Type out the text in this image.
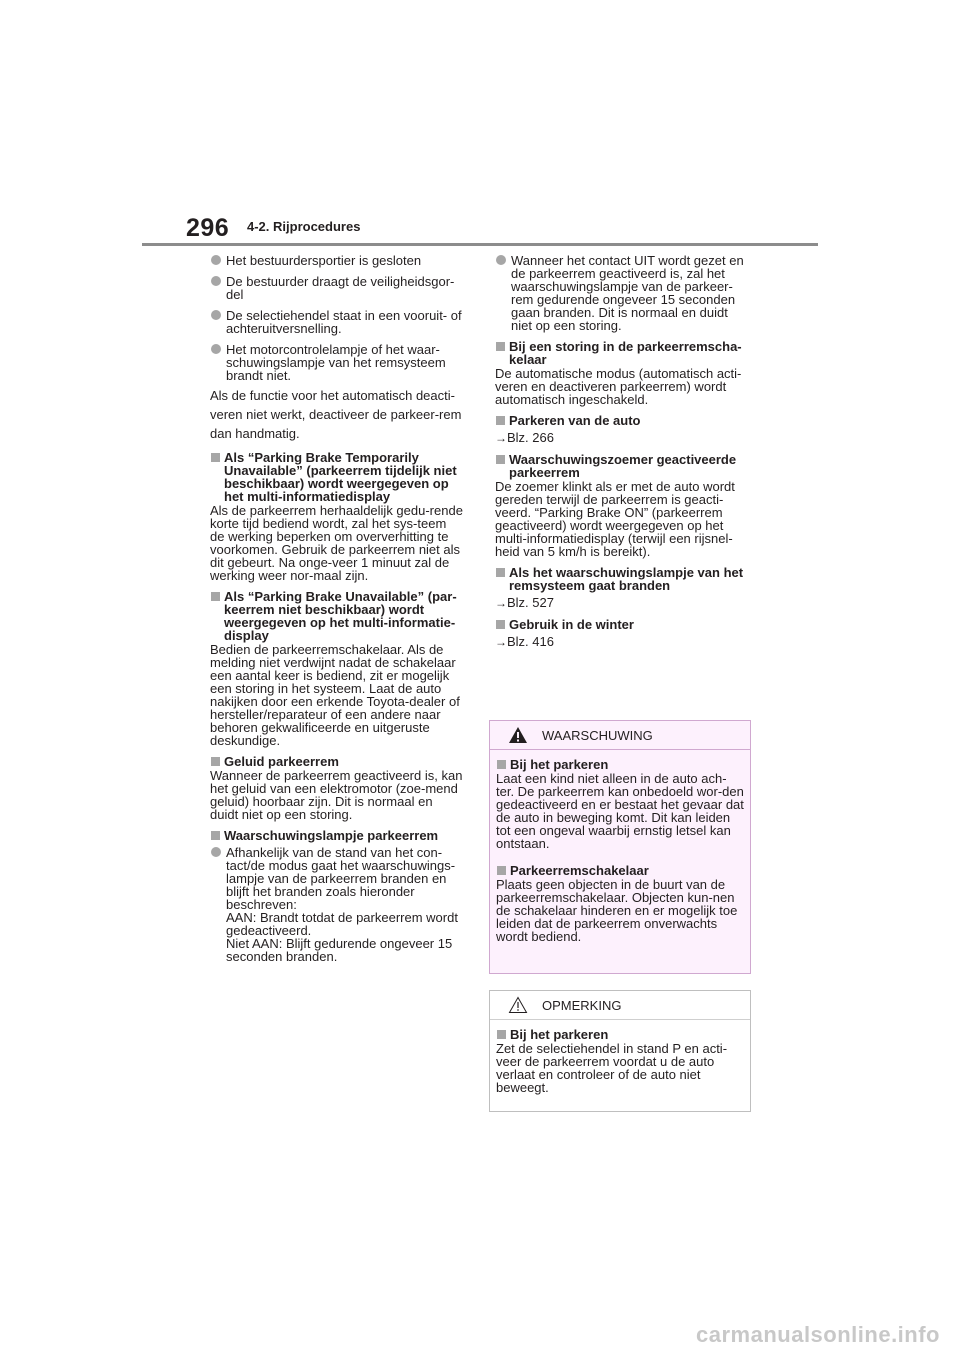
296 4-2. Rijprocedures
Het bestuurdersportier is gesloten
De bestuurder draagt de veiligheidsgor-del
De selectiehendel staat in een vooruit- of achteruitversnelling.
Het motorcontrolelampje of het waar-schuwingslampje van het remsysteem brandt niet.
Als de functie voor het automatisch deacti-veren niet werkt, deactiveer de parkeer-rem dan handmatig.
Als “Parking Brake Temporarily Unavailable” (parkeerrem tijdelijk niet beschikbaar) wordt weergegeven op het multi-informatiedisplay
Als de parkeerrem herhaaldelijk gedu-rende korte tijd bediend wordt, zal het sys-teem de werking beperken om oververhitting te voorkomen. Gebruik de parkeerrem niet als dit gebeurt. Na onge-veer 1 minuut zal de werking weer nor-maal zijn.
Als “Parking Brake Unavailable” (par-keerrem niet beschikbaar) wordt weergegeven op het multi-informatie-display
Bedien de parkeerremschakelaar. Als de melding niet verdwijnt nadat de schakelaar een aantal keer is bediend, zit er mogelijk een storing in het systeem. Laat de auto nakijken door een erkende Toyota-dealer of hersteller/reparateur of een andere naar behoren gekwalificeerde en uitgeruste deskundige.
Geluid parkeerrem
Wanneer de parkeerrem geactiveerd is, kan het geluid van een elektromotor (zoe-mend geluid) hoorbaar zijn. Dit is normaal en duidt niet op een storing.
Waarschuwingslampje parkeerrem
Afhankelijk van de stand van het con-tact/de modus gaat het waarschuwings-lampje van de parkeerrem branden en blijft het branden zoals hieronder beschreven:
AAN: Brandt totdat de parkeerrem wordt gedeactiveerd.
Niet AAN: Blijft gedurende ongeveer 15 seconden branden.
Wanneer het contact UIT wordt gezet en de parkeerrem geactiveerd is, zal het waarschuwingslampje van de parkeer-rem gedurende ongeveer 15 seconden gaan branden. Dit is normaal en duidt niet op een storing.
Bij een storing in de parkeerremscha-kelaar
De automatische modus (automatisch acti-veren en deactiveren parkeerrem) wordt automatisch ingeschakeld.
Parkeren van de auto
→Blz. 266
Waarschuwingszoemer geactiveerde parkeerrem
De zoemer klinkt als er met de auto wordt gereden terwijl de parkeerrem is geacti-veerd. “Parking Brake ON” (parkeerrem geactiveerd) wordt weergegeven op het multi-informatiedisplay (terwijl een rijsnel-heid van 5 km/h is bereikt).
Als het waarschuwingslampje van het remsysteem gaat branden
→Blz. 527
Gebruik in de winter
→Blz. 416
WAARSCHUWING
Bij het parkeren
Laat een kind niet alleen in de auto ach-ter. De parkeerrem kan onbedoeld wor-den gedeactiveerd en er bestaat het gevaar dat de auto in beweging komt. Dit kan leiden tot een ongeval waarbij ernstig letsel kan ontstaan.
Parkeerremschakelaar
Plaats geen objecten in de buurt van de parkeerremschakelaar. Objecten kun-nen de schakelaar hinderen en er mogelijk toe leiden dat de parkeerrem onverwachts wordt bediend.
OPMERKING
Bij het parkeren
Zet de selectiehendel in stand P en acti-veer de parkeerrem voordat u de auto verlaat en controleer of de auto niet beweegt.
carmanualsonline.info
